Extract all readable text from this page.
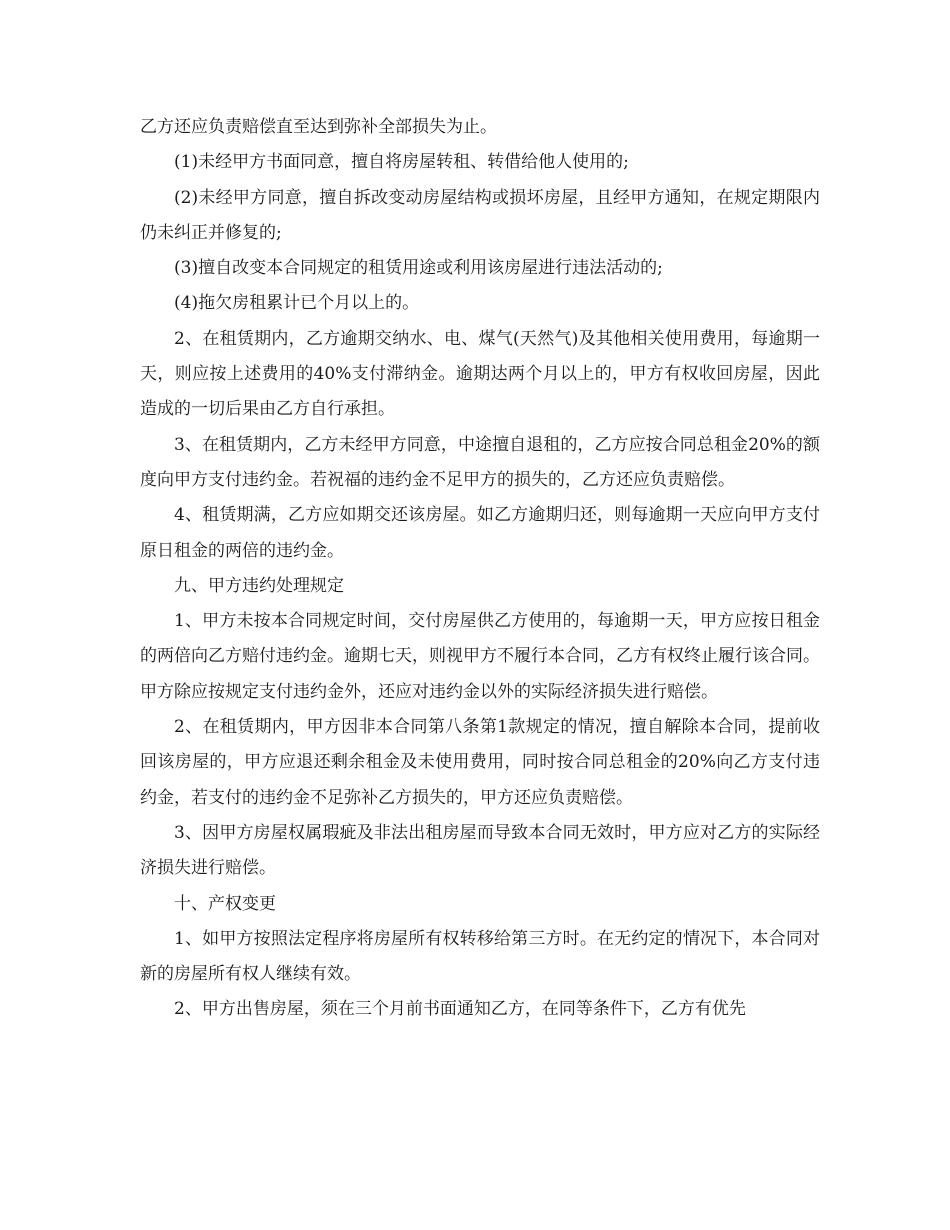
乙方还应负责赔偿直至达到弥补全部损失为止。

(1)未经甲方书面同意，擅自将房屋转租、转借给他人使用的;

(2)未经甲方同意，擅自拆改变动房屋结构或损坏房屋，且经甲方通知，在规定期限内仍未纠正并修复的;

(3)擅自改变本合同规定的租赁用途或利用该房屋进行违法活动的;

(4)拖欠房租累计已个月以上的。

2、在租赁期内，乙方逾期交纳水、电、煤气(天然气)及其他相关使用费用，每逾期一天，则应按上述费用的40%支付滞纳金。逾期达两个月以上的，甲方有权收回房屋，因此造成的一切后果由乙方自行承担。

3、在租赁期内，乙方未经甲方同意，中途擅自退租的，乙方应按合同总租金20%的额度向甲方支付违约金。若祝福的违约金不足甲方的损失的，乙方还应负责赔偿。

4、租赁期满，乙方应如期交还该房屋。如乙方逾期归还，则每逾期一天应向甲方支付原日租金的两倍的违约金。

九、甲方违约处理规定

1、甲方未按本合同规定时间，交付房屋供乙方使用的，每逾期一天，甲方应按日租金的两倍向乙方赔付违约金。逾期七天，则视甲方不履行本合同，乙方有权终止履行该合同。甲方除应按规定支付违约金外，还应对违约金以外的实际经济损失进行赔偿。

2、在租赁期内，甲方因非本合同第八条第1款规定的情况，擅自解除本合同，提前收回该房屋的，甲方应退还剩余租金及未使用费用，同时按合同总租金的20%向乙方支付违约金，若支付的违约金不足弥补乙方损失的，甲方还应负责赔偿。

3、因甲方房屋权属瑕疵及非法出租房屋而导致本合同无效时，甲方应对乙方的实际经济损失进行赔偿。

十、产权变更

1、如甲方按照法定程序将房屋所有权转移给第三方时。在无约定的情况下，本合同对新的房屋所有权人继续有效。

2、甲方出售房屋，须在三个月前书面通知乙方，在同等条件下，乙方有优先
